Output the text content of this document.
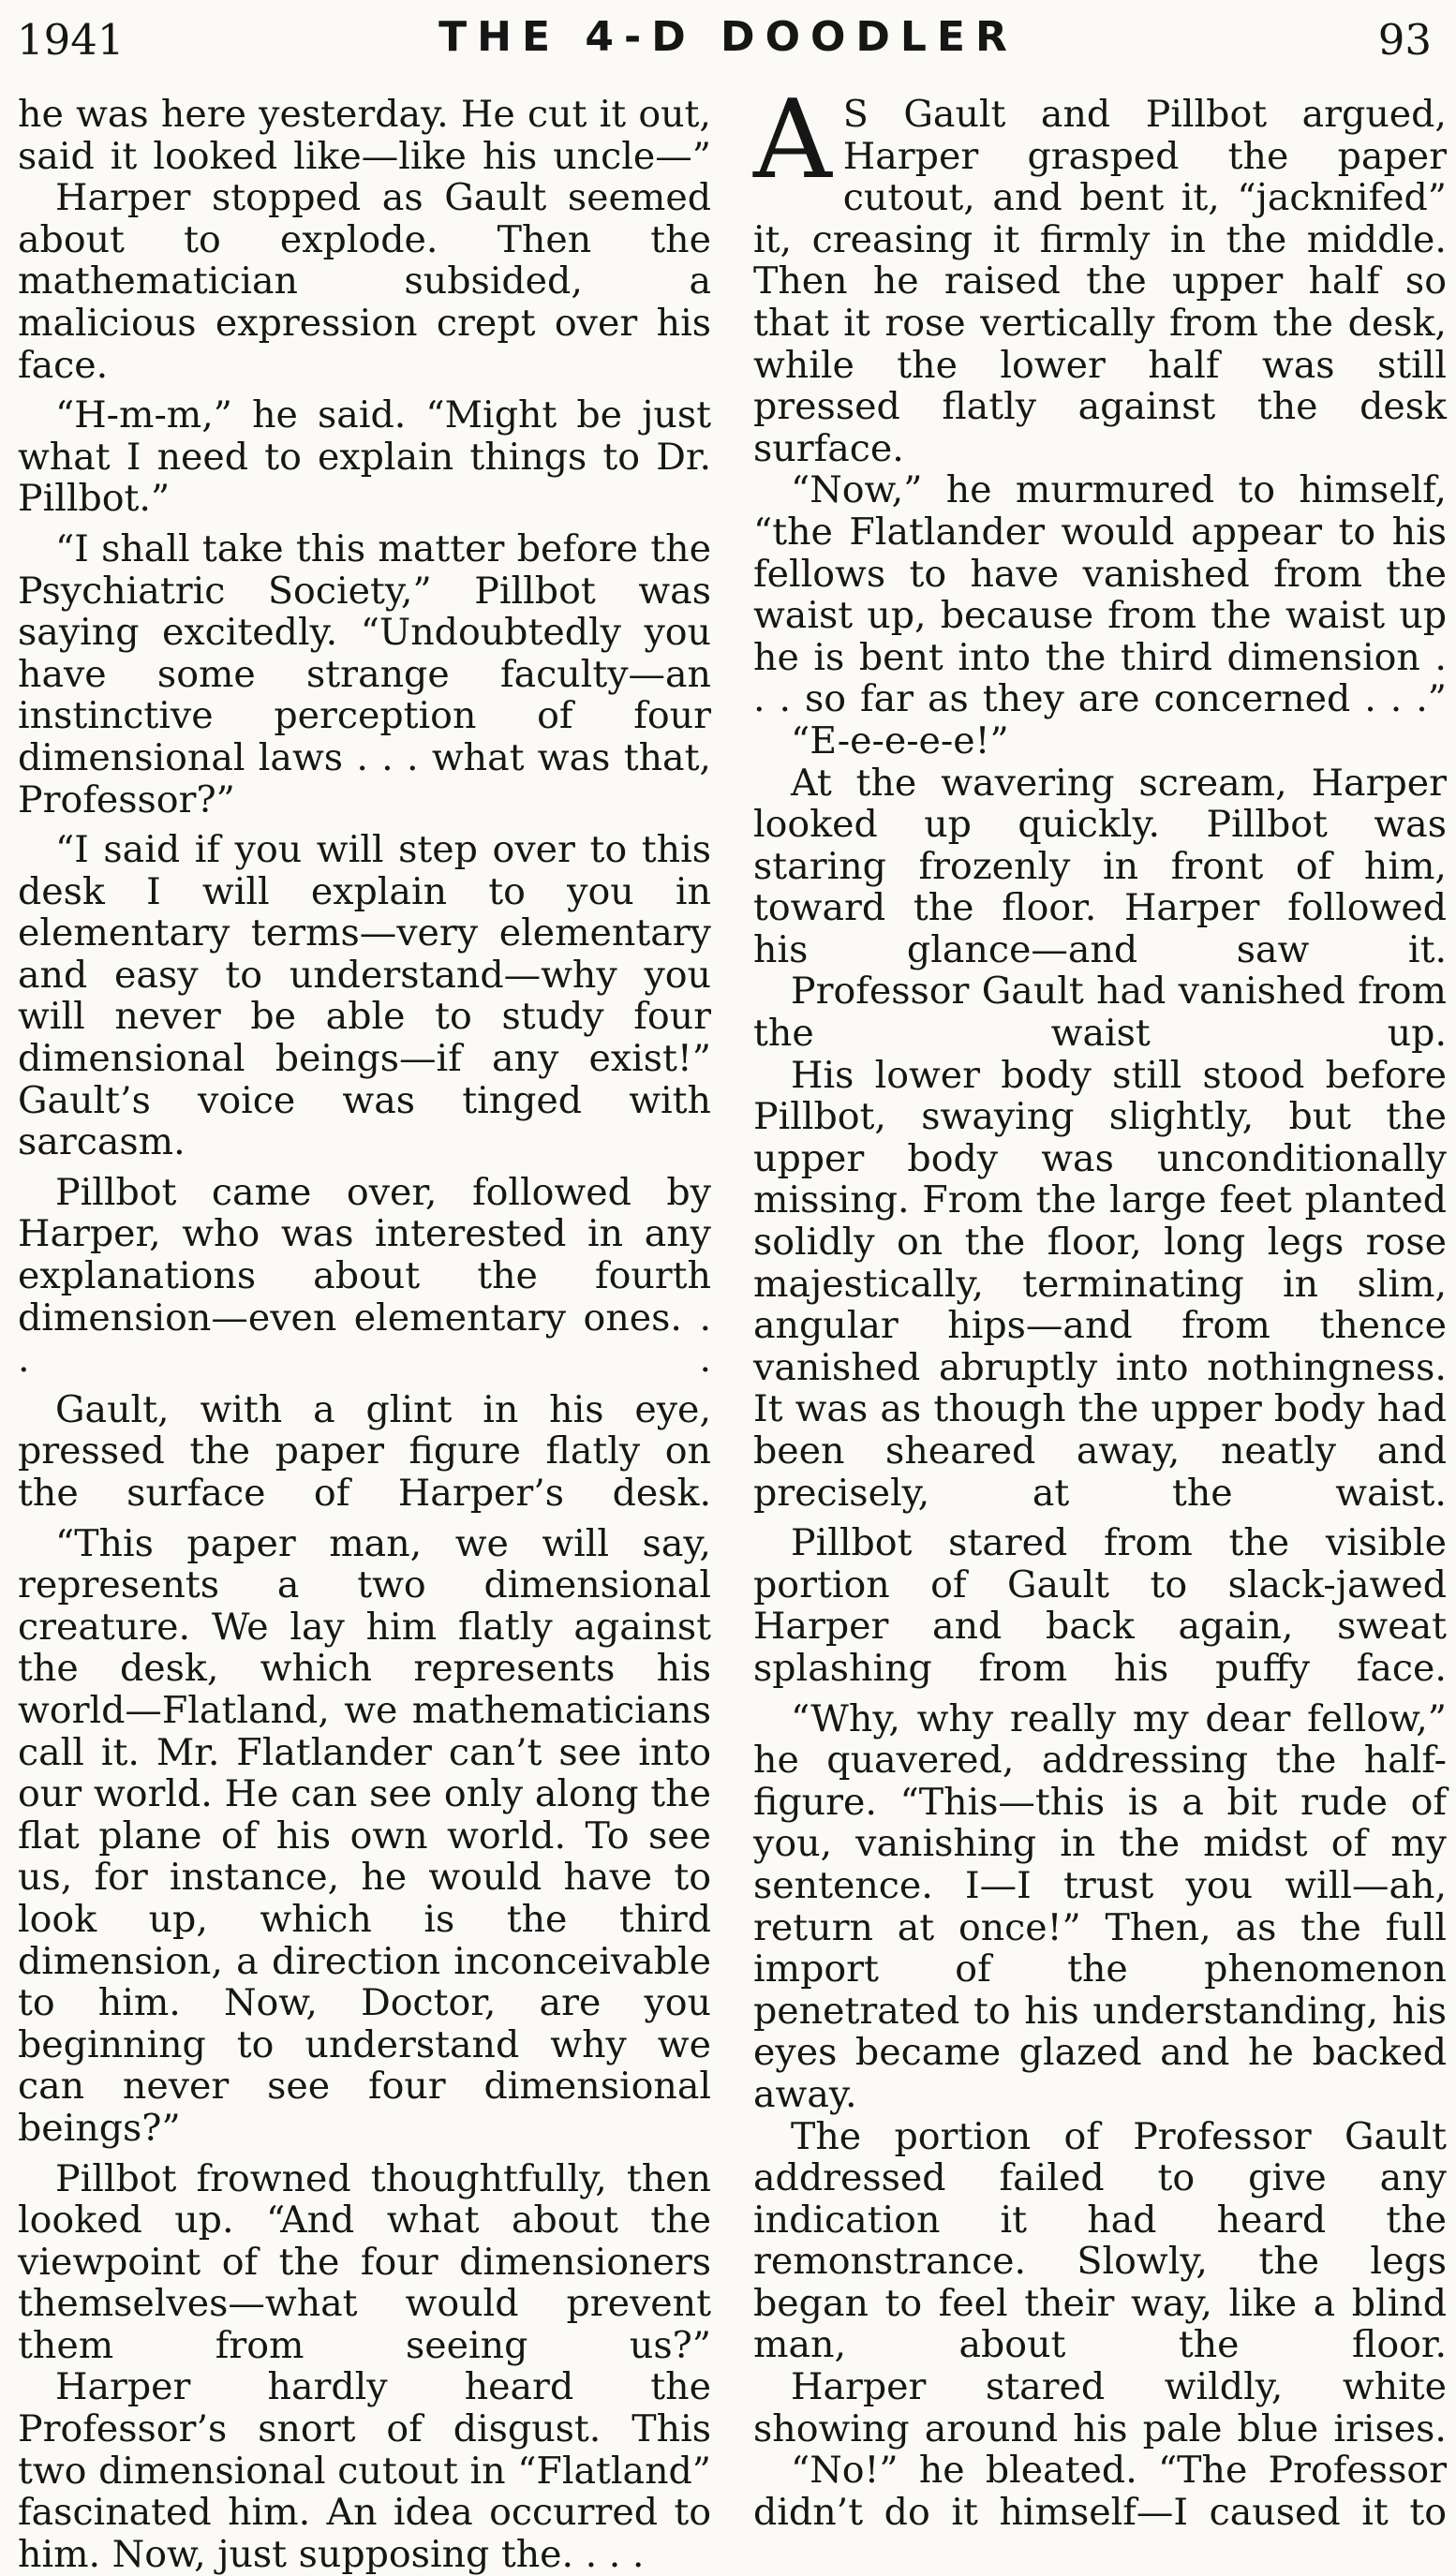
1941	THE 4-D DOODLER	93

he was here yesterday. He cut it out, said it looked like—like his uncle—”

Harper stopped as Gault seemed about to explode. Then the mathematician subsided, a malicious expression crept over his face.

“H-m-m,” he said. “Might be just what I need to explain things to Dr. Pillbot.”

“I shall take this matter before the Psychiatric Society,” Pillbot was saying excitedly. “Undoubtedly you have some strange faculty—an instinctive perception of four dimensional laws . . . what was that, Professor?”

“I said if you will step over to this desk I will explain to you in elementary terms—very elementary and easy to understand—why you will never be able to study four dimensional beings—if any exist!” Gault’s voice was tinged with sarcasm.

Pillbot came over, followed by Harper, who was interested in any explanations about the fourth dimension—even elementary ones. . . .

Gault, with a glint in his eye, pressed the paper figure flatly on the surface of Harper’s desk.

“This paper man, we will say, represents a two dimensional creature. We lay him flatly against the desk, which represents his world—Flatland, we mathematicians call it. Mr. Flatlander can’t see into our world. He can see only along the flat plane of his own world. To see us, for instance, he would have to look up, which is the third dimension, a direction inconceivable to him. Now, Doctor, are you beginning to understand why we can never see four dimensional beings?”

Pillbot frowned thoughtfully, then looked up. “And what about the viewpoint of the four dimensioners themselves—what would prevent them from seeing us?”

Harper hardly heard the Professor’s snort of disgust. This two dimensional cutout in “Flatland” fascinated him. An idea occurred to him. Now, just supposing the. . . .

A S Gault and Pillbot argued, Harper grasped the paper cutout, and bent it, “jacknifed” it, creasing it firmly in the middle. Then he raised the upper half so that it rose vertically from the desk, while the lower half was still pressed flatly against the desk surface.

“Now,” he murmured to himself, “the Flatlander would appear to his fellows to have vanished from the waist up, because from the waist up he is bent into the third dimension . . . so far as they are concerned . . .”

“E-e-e-e-e!”

At the wavering scream, Harper looked up quickly. Pillbot was staring frozenly in front of him, toward the floor. Harper followed his glance—and saw it.

Professor Gault had vanished from the waist up.

His lower body still stood before Pillbot, swaying slightly, but the upper body was unconditionally missing. From the large feet planted solidly on the floor, long legs rose majestically, terminating in slim, angular hips—and from thence vanished abruptly into nothingness. It was as though the upper body had been sheared away, neatly and precisely, at the waist.

Pillbot stared from the visible portion of Gault to slack-jawed Harper and back again, sweat splashing from his puffy face.

“Why, why really my dear fellow,” he quavered, addressing the half-figure. “This—this is a bit rude of you, vanishing in the midst of my sentence. I—I trust you will—ah, return at once!” Then, as the full import of the phenomenon penetrated to his understanding, his eyes became glazed and he backed away.

The portion of Professor Gault addressed failed to give any indication it had heard the remonstrance. Slowly, the legs began to feel their way, like a blind man, about the floor.

Harper stared wildly, white showing around his pale blue irises.

“No!” he bleated. “The Professor didn’t do it himself—I caused it to
